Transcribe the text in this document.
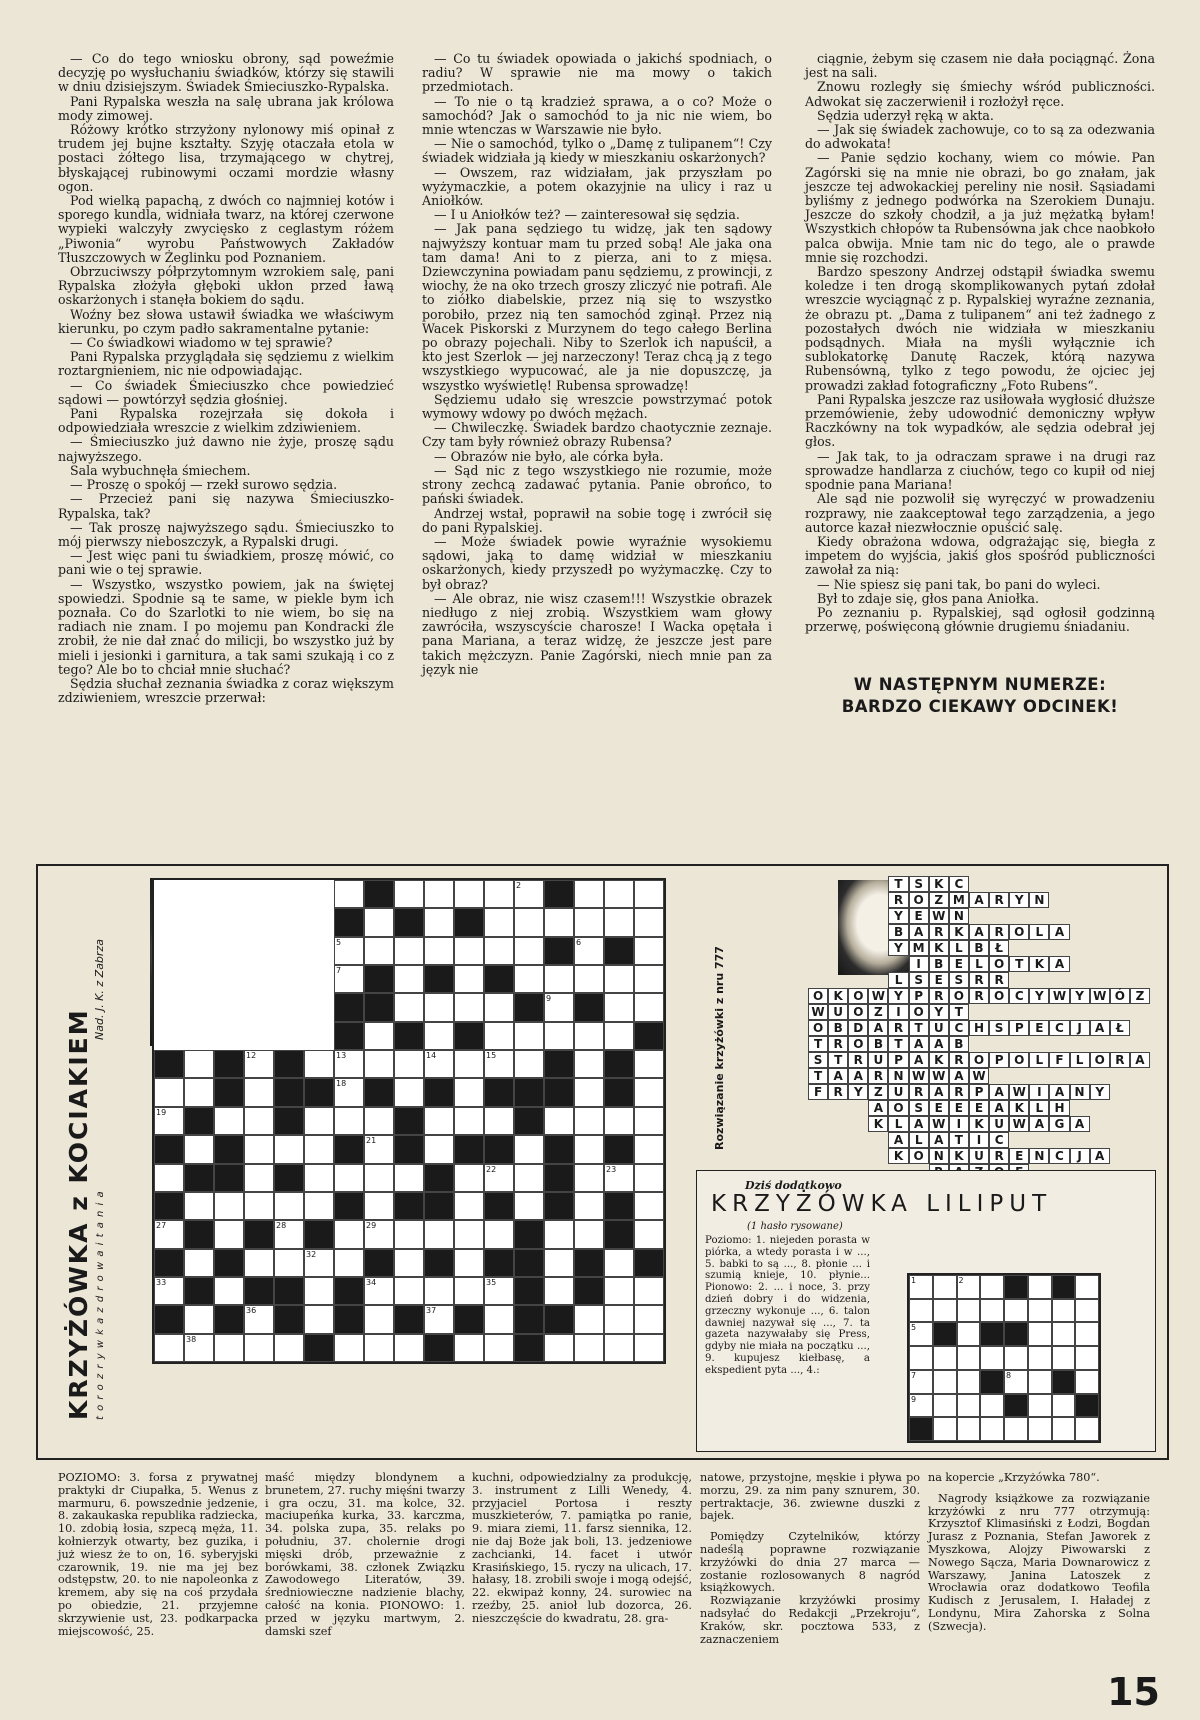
— Co do tego wniosku obrony, sąd poweźmie decyzję po wysłuchaniu świadków, którzy się stawili w dniu dzisiejszym. Świadek Śmieciuszko-Rypalska.

Pani Rypalska weszła na salę ubrana jak królowa mody zimowej.

Różowy krótko strzyżony nylonowy miś opinał z trudem jej bujne kształty. Szyję otaczała etola w postaci żółtego lisa, trzymającego w chytrej, błyskającej rubinowymi oczami mordzie własny ogon.

Pod wielką papachą, z dwóch co najmniej kotów i sporego kundla, widniała twarz, na której czerwone wypieki walczyły zwycięsko z ceglastym różem „Piwonia“ wyrobu Państwowych Zakładów Tłuszczowych w Żeglinku pod Poznaniem.

Obrzuciwszy półprzytomnym wzrokiem salę, pani Rypalska złożyła głęboki ukłon przed ławą oskarżonych i stanęła bokiem do sądu.

Woźny bez słowa ustawił świadka we właściwym kierunku, po czym padło sakramentalne pytanie:

— Co świadkowi wiadomo w tej sprawie?

Pani Rypalska przyglądała się sędziemu z wielkim roztargnieniem, nic nie odpowiadając.

— Co świadek Śmieciuszko chce powiedzieć sądowi — powtórzył sędzia głośniej.

Pani Rypalska rozejrzała się dokoła i odpowiedziała wreszcie z wielkim zdziwieniem.

— Śmieciuszko już dawno nie żyje, proszę sądu najwyższego.

Sala wybuchnęła śmiechem.

— Proszę o spokój — rzekł surowo sędzia.

— Przecież pani się nazywa Śmieciuszko-Rypalska, tak?

— Tak proszę najwyższego sądu. Śmieciuszko to mój pierwszy nieboszczyk, a Rypalski drugi.

— Jest więc pani tu świadkiem, proszę mówić, co pani wie o tej sprawie.

— Wszystko, wszystko powiem, jak na świętej spowiedzi. Spodnie są te same, w piekle bym ich poznała. Co do Szarlotki to nie wiem, bo się na radiach nie znam. I po mojemu pan Kondracki źle zrobił, że nie dał znać do milicji, bo wszystko już by mieli i jesionki i garnitura, a tak sami szukają i co z tego? Ale bo to chciał mnie słuchać?

Sędzia słuchał zeznania świadka z coraz większym zdziwieniem, wreszcie przerwał:

— Co tu świadek opowiada o jakichś spodniach, o radiu? W sprawie nie ma mowy o takich przedmiotach.

— To nie o tą kradzież sprawa, a o co? Może o samochód? Jak o samochód to ja nic nie wiem, bo mnie wtenczas w Warszawie nie było.

— Nie o samochód, tylko o „Damę z tulipanem“! Czy świadek widziała ją kiedy w mieszkaniu oskarżonych?

— Owszem, raz widziałam, jak przyszłam po wyżymaczkie, a potem okazyjnie na ulicy i raz u Aniołków.

— I u Aniołków też? — zainteresował się sędzia.

— Jak pana sędziego tu widzę, jak ten sądowy najwyższy kontuar mam tu przed sobą! Ale jaka ona tam dama! Ani to z pierza, ani to z mięsa. Dziewczynina powiadam panu sędziemu, z prowincji, z wiochy, że na oko trzech groszy zliczyć nie potrafi. Ale to ziółko diabelskie, przez nią się to wszystko porobiło, przez nią ten samochód zginął. Przez nią Wacek Piskorski z Murzynem do tego całego Berlina po obrazy pojechali. Niby to Szerlok ich napuścił, a kto jest Szerlok — jej narzeczony! Teraz chcą ją z tego wszystkiego wypucować, ale ja nie dopuszczę, ja wszystko wyświetlę! Rubensa sprowadzę!

Sędziemu udało się wreszcie powstrzymać potok wymowy wdowy po dwóch mężach.

— Chwileczkę. Świadek bardzo chaotycznie zeznaje. Czy tam były również obrazy Rubensa?

— Obrazów nie było, ale córka była.

— Sąd nic z tego wszystkiego nie rozumie, może strony zechcą zadawać pytania. Panie obrońco, to pański świadek.

Andrzej wstał, poprawił na sobie togę i zwrócił się do pani Rypalskiej.

— Może świadek powie wyraźnie wysokiemu sądowi, jaką to damę widział w mieszkaniu oskarżonych, kiedy przyszedł po wyżymaczkę. Czy to był obraz?

— Ale obraz, nie wisz czasem!!! Wszystkie obrazek niedługo z niej zrobią. Wszystkiem wam głowy zawróciła, wszyscyście charosze! I Wacka opętała i pana Mariana, a teraz widzę, że jeszcze jest pare takich mężczyzn. Panie Zagórski, niech mnie pan za język nie

ciągnie, żebym się czasem nie dała pociągnąć. Żona jest na sali.

Znowu rozległy się śmiechy wśród publiczności. Adwokat się zaczerwienił i rozłożył ręce.

Sędzia uderzył ręką w akta.

— Jak się świadek zachowuje, co to są za odezwania do adwokata!

— Panie sędzio kochany, wiem co mówie. Pan Zagórski się na mnie nie obrazi, bo go znałam, jak jeszcze tej adwokackiej pereliny nie nosił. Sąsiadami byliśmy z jednego podwórka na Szerokiem Dunaju. Jeszcze do szkoły chodził, a ja już mężatką byłam! Wszystkich chłopów ta Rubensówna jak chce naobkoło palca obwija. Mnie tam nic do tego, ale o prawde mnie się rozchodzi.

Bardzo speszony Andrzej odstąpił świadka swemu koledze i ten drogą skomplikowanych pytań zdołał wreszcie wyciągnąć z p. Rypalskiej wyraźne zeznania, że obrazu pt. „Dama z tulipanem“ ani też żadnego z pozostałych dwóch nie widziała w mieszkaniu podsądnych. Miała na myśli wyłącznie ich sublokatorkę Danutę Raczek, którą nazywa Rubensówną, tylko z tego powodu, że ojciec jej prowadzi zakład fotograficzny „Foto Rubens“.

Pani Rypalska jeszcze raz usiłowała wygłosić dłuższe przemówienie, żeby udowodnić demoniczny wpływ Raczkówny na tok wypadków, ale sędzia odebrał jej głos.

— Jak tak, to ja odraczam sprawe i na drugi raz sprowadze handlarza z ciuchów, tego co kupił od niej spodnie pana Mariana!

Ale sąd nie pozwolił się wyręczyć w prowadzeniu rozprawy, nie zaakceptował tego zarządzenia, a jego autorce kazał niezwłocznie opuścić salę.

Kiedy obrażona wdowa, odgrażając się, biegła z impetem do wyjścia, jakiś głos spośród publiczności zawołał za nią:

— Nie spiesz się pani tak, bo pani do wyleci.

Był to zdaje się, głos pana Aniołka.

Po zeznaniu p. Rypalskiej, sąd ogłosił godzinną przerwę, poświęconą głównie drugiemu śniadaniu.

W NASTĘPNYM NUMERZE:
BARDZO CIEKAWY ODCINEK!
KRZYŻÓWKA z KOCIAKIEM t o r o z r y w k a z d r o w a i t a n i a
Nad. J. K. z Zabrza
1	2
3	4
5	6
7
8	9
10	11 12	13	14	15	16	17
18
19	20
21
22	23
24	25	26
27	28	29	30
31	32
33	34	35
36	37
38	39
Rozwiązanie krzyżówki z nru 777
T S K C
R O Z M A R Y N
Y E W N
B A R K A R O L A
Y M K L B Ł
I	B E	L O T K A
L S E S R R
O K O W Y P R O R O C Y W Y W Ó Z
W U O Z	I	O Y T
O B D A R T U C H S P E C	J	A Ł
T R O B T A A B
S T R U P A K R O P O L	F	L O R A
T A A R N W W A W
F R Y Z U R A R P A W I	A N Y
A O S E E E A K L H
K L A W I	K U W A G A
A L A T	I	C
K O N K U R E N C	J	A
Dziś dodatkowo
KRZYŻÓWKA LILIPUT
(1 hasło rysowane)
Poziomo: 1. niejeden porasta w piórka, a wtedy porasta i w ..., 5. babki to są ..., 8. płonie ... i szumią knieje, 10. płynie... Pionowo: 2. ... i noce, 3. przy dzień dobry i do widzenia, grzeczny wykonuje ..., 6. talon dawniej nazywał się ..., 7. ta gazeta nazywałaby się Press, gdyby nie miała na początku ..., 9. kupujesz kiełbasę, a ekspedient pyta ..., 4.:
1	2	3	4
5	6
7	8
9
10

POZIOMO: 3. forsa z prywatnej praktyki dr Ciupałka, 5. Wenus z marmuru, 6. powszednie jedzenie, 8. zakaukaska republika radziecka, 10. zdobią łosia, szpecą męża, 11. kołnierzyk otwarty, bez guzika, i już wiesz że to on, 16. syberyjski czarownik, 19. nie ma jej bez odstępstw, 20. to nie napoleonka z kremem, aby się na coś przydała po obiedzie, 21. przyjemne skrzywienie ust, 23. podkarpacka miejscowość, 25.

maść między blondynem a brunetem, 27. ruchy mięśni twarzy i gra oczu, 31. ma kolce, 32. maciupeńka kurka, 33. karczma, 34. polska zupa, 35. relaks po południu, 37. cholernie drogi mięski drób, przeważnie z borówkami, 38. członek Związku Zawodowego Literatów, 39. średniowieczne nadzienie blachy, całość na konia. PIONOWO: 1. przed w języku martwym, 2. damski szef

kuchni, odpowiedzialny za produkcję, 3. instrument z Lilli Wenedy, 4. przyjaciel Portosa i reszty muszkieterów, 7. pamiątka po ranie, 9. miara ziemi, 11. farsz siennika, 12. nie daj Boże jak boli, 13. jedzeniowe zachcianki, 14. facet i utwór Krasińskiego, 15. ryczy na ulicach, 17. hałasy, 18. zrobili swoje i mogą odejść, 22. ekwipaż konny, 24. surowiec na rzeźby, 25. anioł lub dozorca, 26. nieszczęście do kwadratu, 28. gra-

natowe, przystojne, męskie i pływa po morzu, 29. za nim pany sznurem, 30. pertraktacje, 36. zwiewne duszki z bajek.

Pomiędzy Czytelników, którzy nadeślą poprawne rozwiązanie krzyżówki do dnia 27 marca — zostanie rozlosowanych 8 nagród książkowych.

Rozwiązanie krzyżówki prosimy nadsyłać do Redakcji „Przekroju“, Kraków, skr. pocztowa 533, z zaznaczeniem

na kopercie „Krzyżówka 780“.

Nagrody książkowe za rozwiązanie krzyżówki z nru 777 otrzymują: Krzysztof Klimasiński z Łodzi, Bogdan Jurasz z Poznania, Stefan Jaworek z Myszkowa, Alojzy Piwowarski z Nowego Sącza, Maria Downarowicz z Warszawy, Janina Latoszek z Wrocławia oraz dodatkowo Teofila Kudisch z Jerusalem, I. Haładej z Londynu, Mira Zahorska z Solna (Szwecja).

15
